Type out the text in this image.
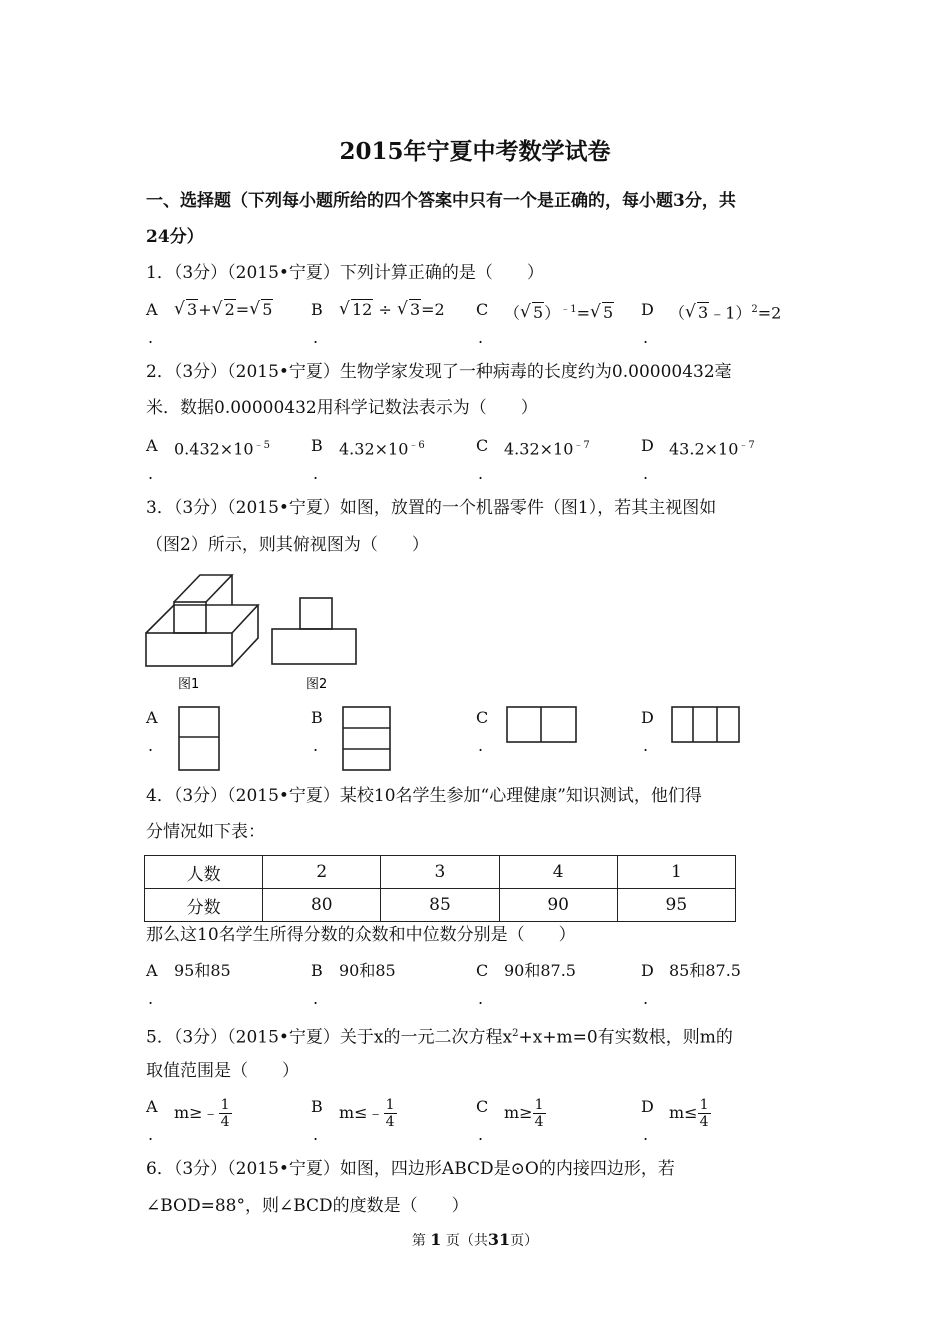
2015年宁夏中考数学试卷
一、选择题（下列每小题所给的四个答案中只有一个是正确的，每小题3分，共
24分）
1．（3分）（2015•宁夏）下列计算正确的是（　　）
A
.
√ 3+ √ 2= √ 5 B
.
√ 12 ÷ √ 3=2 C
.
（ √ 5）$^{﹣1}$= √ 5 D
.
（ √ 3﹣1）$^2$=2
2．（3分）（2015•宁夏）生物学家发现了一种病毒的长度约为0.00000432毫
米．数据0.00000432用科学记数法表示为（　　）
A
.
$0.432\times 10^{﹣5}$	B
.
$4.32\times 10^{﹣6}$	C
.
$4.32\times 10^{﹣7}$	D
.
$43.2\times 10^{﹣7}$
3．（3分）（2015•宁夏）如图，放置的一个机器零件（图1），若其主视图如
（图2）所示，则其俯视图为（　　）
图1	图2
A
.
B
.
C
.
D
.
4．（3分）（2015•宁夏）某校10名学生参加“心理健康”知识测试，他们得
分情况如下表：
人数	2	3	4	1
分数	80	85	90	95
那么这10名学生所得分数的众数和中位数分别是（　　）
A
.
95和85	B
.
90和85	C
.
90和87.5	D
.
85和87.5
5．（3分）（2015•宁夏）关于x的一元二次方程$x^2+x+m=0$有实数根，则m的
取值范围是（　　）
A
.
m≥﹣ $\frac{1}{4}$	B
.
m≤﹣ $\frac{1}{4}$	C
.
$m\ge \frac{1}{4}$	D
.
$m\le \frac{1}{4}$
6．（3分）（2015•宁夏）如图，四边形ABCD是⊙O的内接四边形，若
∠BOD=88°，则∠BCD的度数是（　　）
第 1 页（共31页）
